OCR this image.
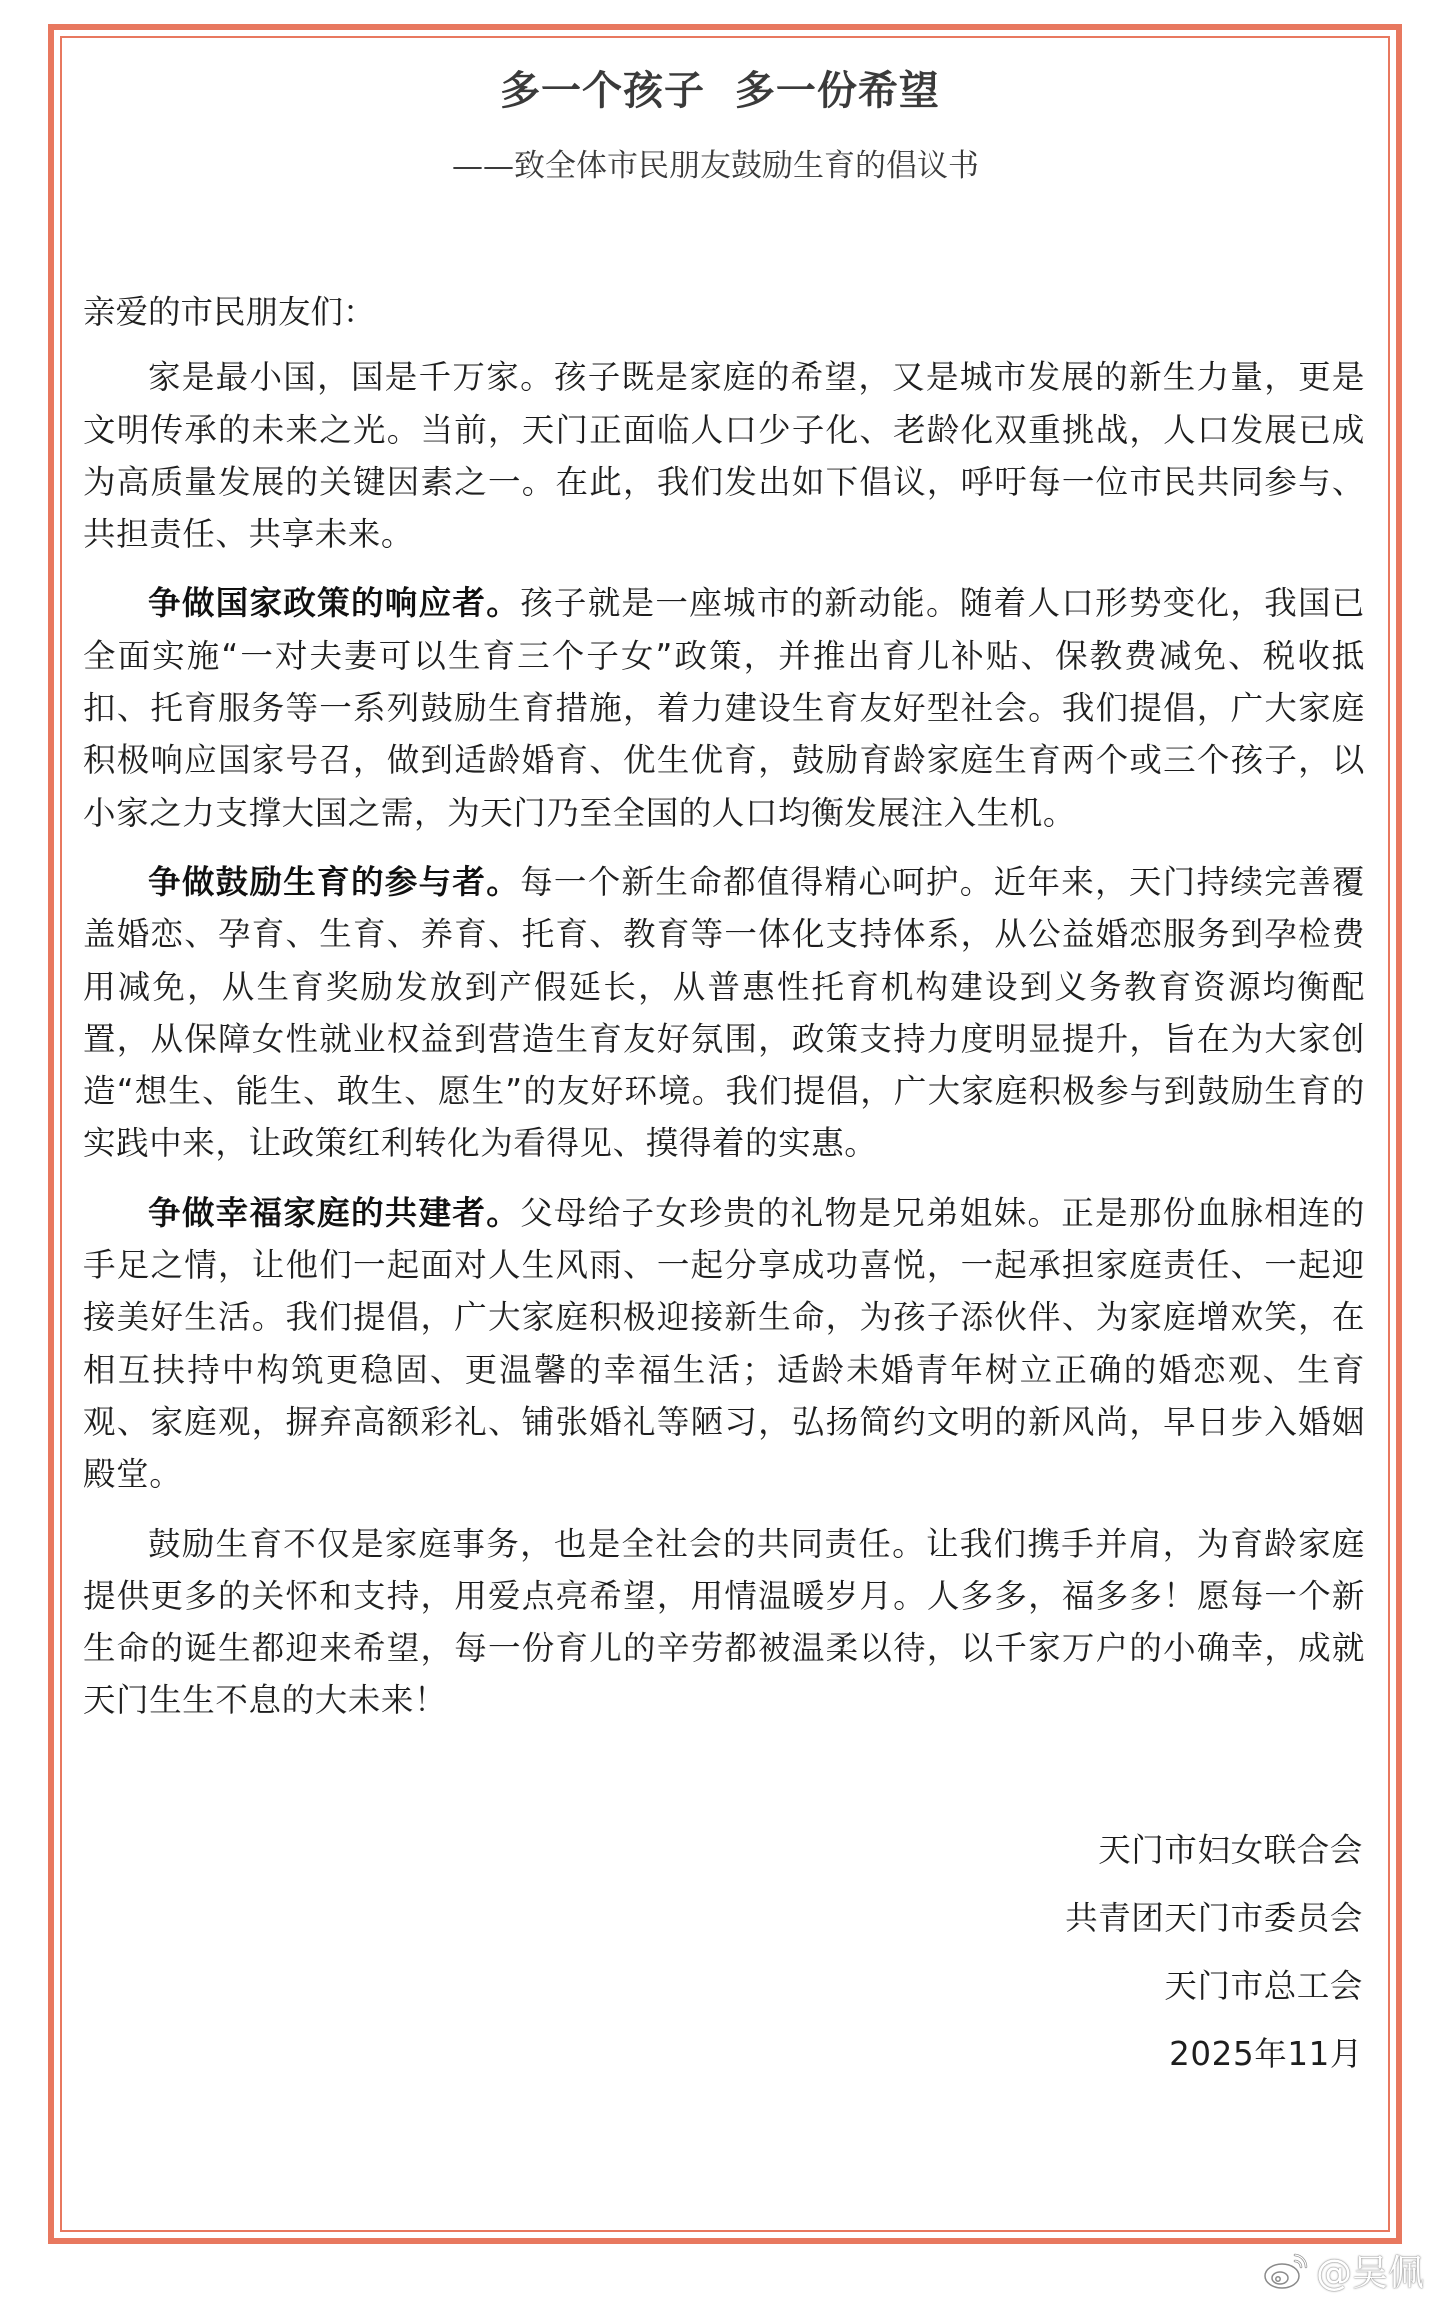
多一个孩子  多一份希望
——致全体市民朋友鼓励生育的倡议书

亲爱的市民朋友们：

家是最小国，国是千万家。孩子既是家庭的希望，又是城市发展的新生力量，更是文明传承的未来之光。当前，天门正面临人口少子化、老龄化双重挑战，人口发展已成为高质量发展的关键因素之一。在此，我们发出如下倡议，呼吁每一位市民共同参与、共担责任、共享未来。

争做国家政策的响应者。孩子就是一座城市的新动能。随着人口形势变化，我国已全面实施“一对夫妻可以生育三个子女”政策，并推出育儿补贴、保教费减免、税收抵扣、托育服务等一系列鼓励生育措施，着力建设生育友好型社会。我们提倡，广大家庭积极响应国家号召，做到适龄婚育、优生优育，鼓励育龄家庭生育两个或三个孩子，以小家之力支撑大国之需，为天门乃至全国的人口均衡发展注入生机。

争做鼓励生育的参与者。每一个新生命都值得精心呵护。近年来，天门持续完善覆盖婚恋、孕育、生育、养育、托育、教育等一体化支持体系，从公益婚恋服务到孕检费用减免，从生育奖励发放到产假延长，从普惠性托育机构建设到义务教育资源均衡配置，从保障女性就业权益到营造生育友好氛围，政策支持力度明显提升，旨在为大家创造“想生、能生、敢生、愿生”的友好环境。我们提倡，广大家庭积极参与到鼓励生育的实践中来，让政策红利转化为看得见、摸得着的实惠。

争做幸福家庭的共建者。父母给子女珍贵的礼物是兄弟姐妹。正是那份血脉相连的手足之情，让他们一起面对人生风雨、一起分享成功喜悦，一起承担家庭责任、一起迎接美好生活。我们提倡，广大家庭积极迎接新生命，为孩子添伙伴、为家庭增欢笑，在相互扶持中构筑更稳固、更温馨的幸福生活；适龄未婚青年树立正确的婚恋观、生育观、家庭观，摒弃高额彩礼、铺张婚礼等陋习，弘扬简约文明的新风尚，早日步入婚姻殿堂。

鼓励生育不仅是家庭事务，也是全社会的共同责任。让我们携手并肩，为育龄家庭提供更多的关怀和支持，用爱点亮希望，用情温暖岁月。人多多，福多多！愿每一个新生命的诞生都迎来希望，每一份育儿的辛劳都被温柔以待，以千家万户的小确幸，成就天门生生不息的大未来！

天门市妇女联合会
共青团天门市委员会
天门市总工会
2025年11月
@吴佩
